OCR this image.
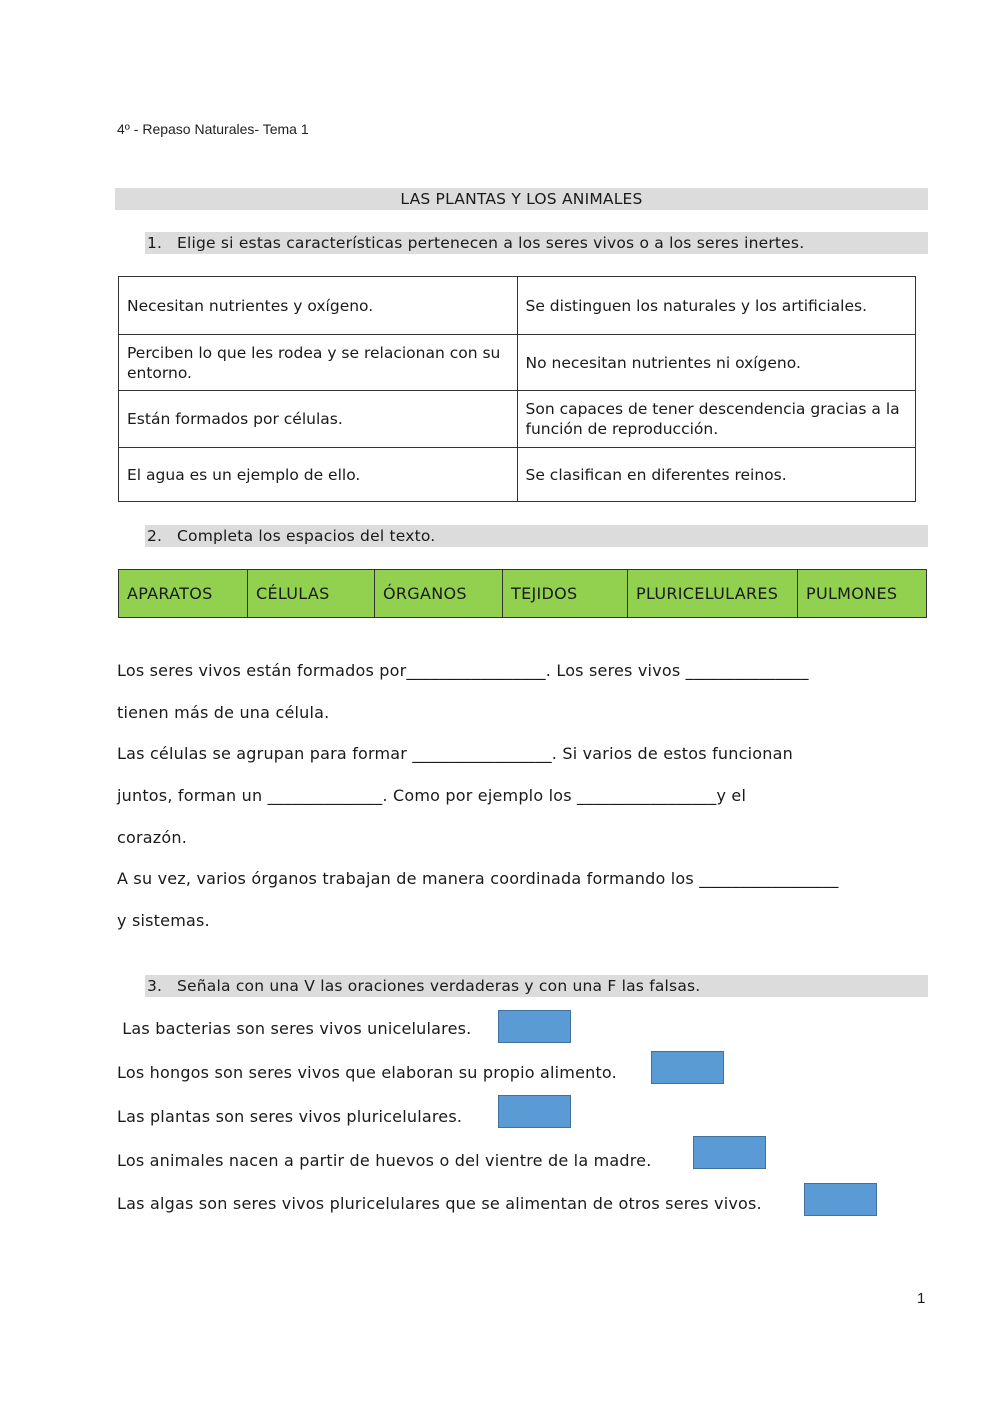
4º - Repaso Naturales- Tema 1
LAS PLANTAS Y LOS ANIMALES
1. Elige si estas características pertenecen a los seres vivos o a los seres inertes.
Necesitan nutrientes y oxígeno.	Se distinguen los naturales y los artificiales.
Perciben lo que les rodea y se relacionan con su entorno.	No necesitan nutrientes ni oxígeno.
Están formados por células.	Son capaces de tener descendencia gracias a la función de reproducción.
El agua es un ejemplo de ello.	Se clasifican en diferentes reinos.
2. Completa los espacios del texto.
APARATOS	CÉLULAS	ÓRGANOS	TEJIDOS	PLURICELULARES	PULMONES
Los seres vivos están formados por_________________. Los seres vivos _______________
tienen más de una célula.
Las células se agrupan para formar _________________. Si varios de estos funcionan
juntos, forman un ______________. Como por ejemplo los _________________y el
corazón.
A su vez, varios órganos trabajan de manera coordinada formando los _________________
y sistemas.
3. Señala con una V las oraciones verdaderas y con una F las falsas.
Las bacterias son seres vivos unicelulares.
Los hongos son seres vivos que elaboran su propio alimento.
Las plantas son seres vivos pluricelulares.
Los animales nacen a partir de huevos o del vientre de la madre.
Las algas son seres vivos pluricelulares que se alimentan de otros seres vivos.
1
